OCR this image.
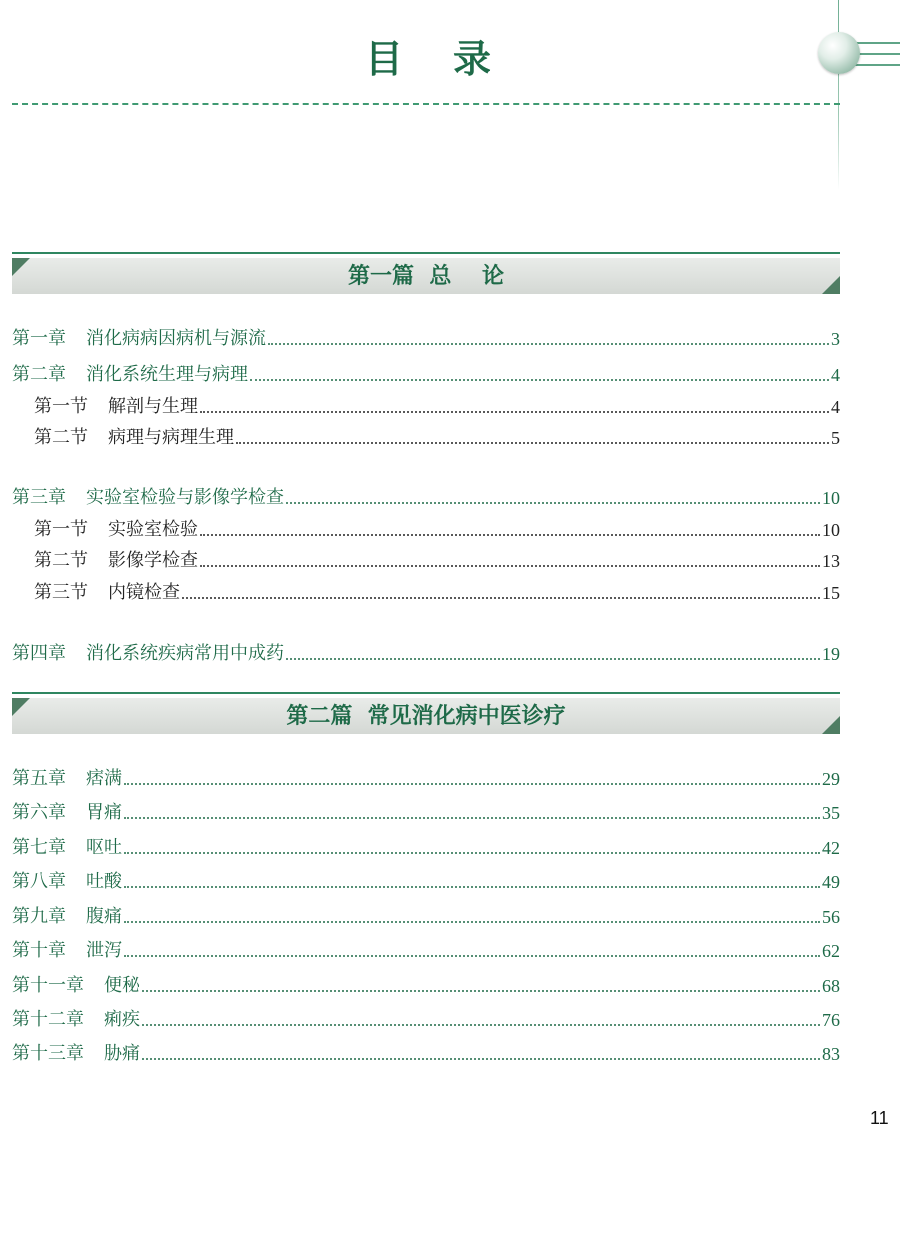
目录
第一篇  总    论
第一章 消化病病因病机与源流	3
第二章 消化系统生理与病理	4
第一节 解剖与生理	4
第二节 病理与病理生理	5
第三章 实验室检验与影像学检查	10
第一节 实验室检验	10
第二节 影像学检查	13
第三节 内镜检查	15
第四章 消化系统疾病常用中成药	19
第二篇  常见消化病中医诊疗
第五章 痞满	29
第六章 胃痛	35
第七章 呕吐	42
第八章 吐酸	49
第九章 腹痛	56
第十章 泄泻	62
第十一章 便秘	68
第十二章 痢疾	76
第十三章 胁痛	83
11
